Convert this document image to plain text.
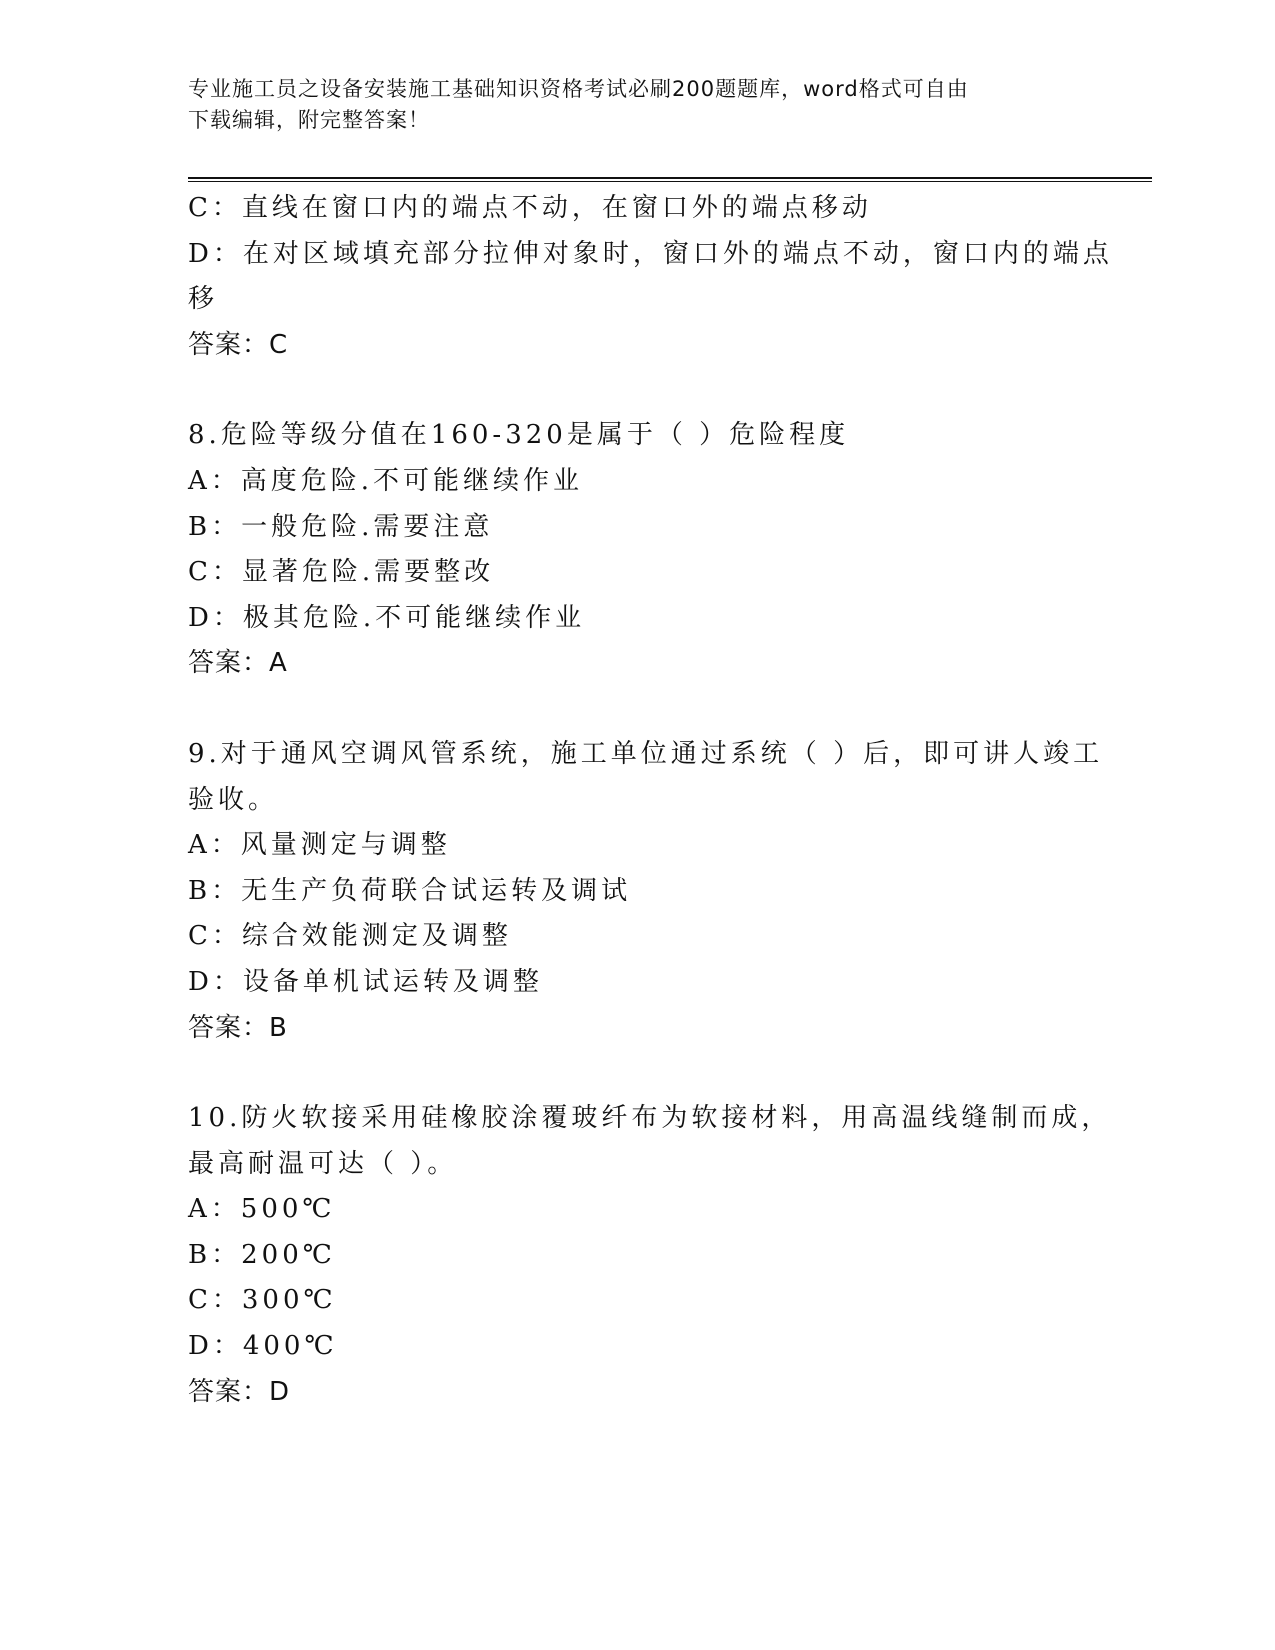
专业施工员之设备安装施工基础知识资格考试必刷200题题库，word格式可自由
下载编辑，附完整答案！
C：直线在窗口内的端点不动，在窗口外的端点移动
D：在对区域填充部分拉伸对象时，窗口外的端点不动，窗口内的端点
移
答案：C
8.危险等级分值在160-320是属于（ ）危险程度
A：高度危险.不可能继续作业
B：一般危险.需要注意
C：显著危险.需要整改
D：极其危险.不可能继续作业
答案：A
9.对于通风空调风管系统，施工单位通过系统（ ）后，即可讲人竣工
验收。
A：风量测定与调整
B：无生产负荷联合试运转及调试
C：综合效能测定及调整
D：设备单机试运转及调整
答案：B
10.防火软接采用硅橡胶涂覆玻纤布为软接材料，用高温线缝制而成，
最高耐温可达（ ）。
A：500℃
B：200℃
C：300℃
D：400℃
答案：D
